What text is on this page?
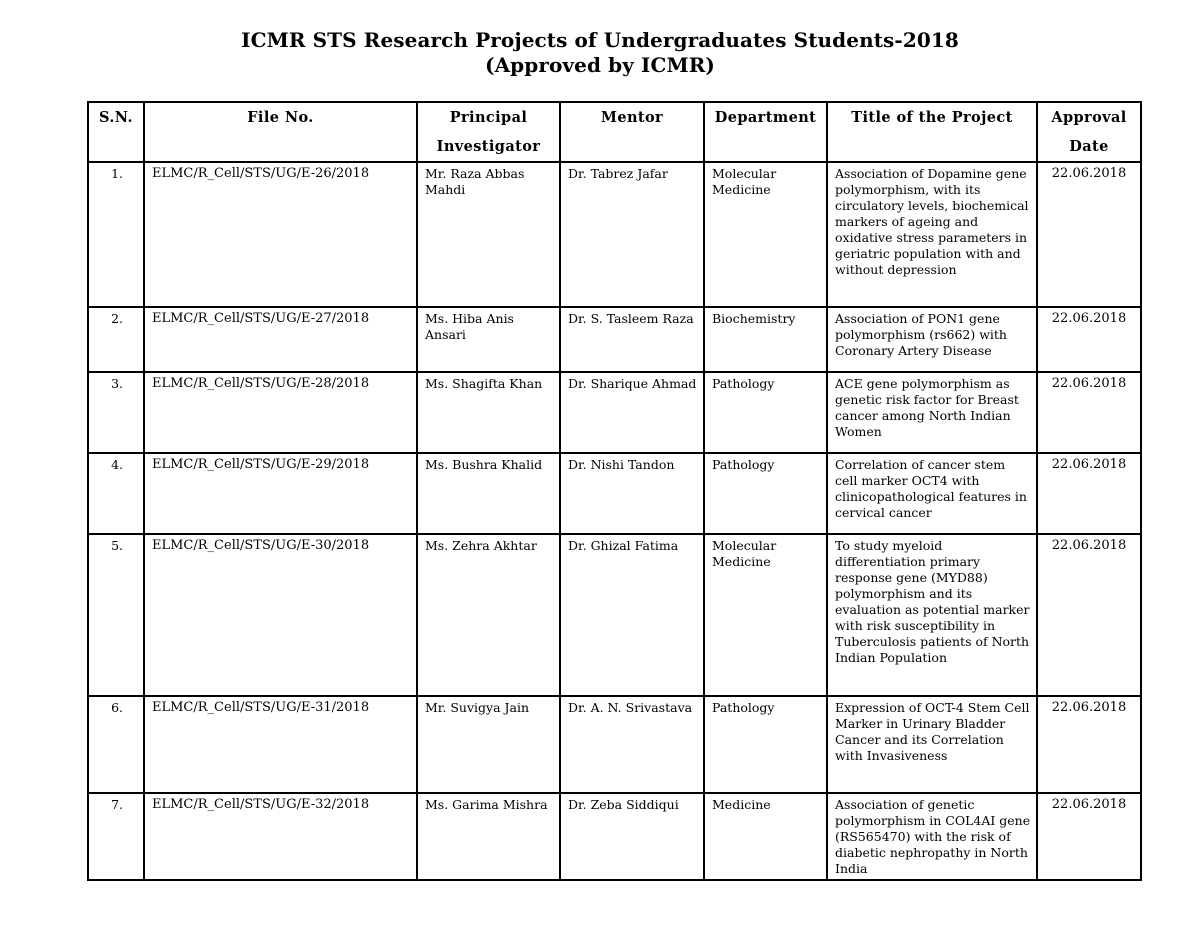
ICMR STS Research Projects of Undergraduates Students-2018
(Approved by ICMR)
S.N.	File No.	Principal Investigator	Mentor	Department	Title of the Project	Approval Date
1.	ELMC/R_Cell/STS/UG/E-26/2018	Mr. Raza Abbas Mahdi	Dr. Tabrez Jafar	Molecular Medicine	Association of Dopamine gene polymorphism, with its circulatory levels, biochemical markers of ageing and oxidative stress parameters in geriatric population with and without depression	22.06.2018
2.	ELMC/R_Cell/STS/UG/E-27/2018	Ms. Hiba Anis Ansari	Dr. S. Tasleem Raza	Biochemistry	Association of PON1 gene polymorphism (rs662) with Coronary Artery Disease	22.06.2018
3.	ELMC/R_Cell/STS/UG/E-28/2018	Ms. Shagifta Khan	Dr. Sharique Ahmad	Pathology	ACE gene polymorphism as genetic risk factor for Breast cancer among North Indian Women	22.06.2018
4.	ELMC/R_Cell/STS/UG/E-29/2018	Ms. Bushra Khalid	Dr. Nishi Tandon	Pathology	Correlation of cancer stem cell marker OCT4 with clinicopathological features in cervical cancer	22.06.2018
5.	ELMC/R_Cell/STS/UG/E-30/2018	Ms. Zehra Akhtar	Dr. Ghizal Fatima	Molecular Medicine	To study myeloid differentiation primary response gene (MYD88) polymorphism and its evaluation as potential marker with risk susceptibility in Tuberculosis patients of North Indian Population	22.06.2018
6.	ELMC/R_Cell/STS/UG/E-31/2018	Mr. Suvigya Jain	Dr. A. N. Srivastava	Pathology	Expression of OCT-4 Stem Cell Marker in Urinary Bladder Cancer and its Correlation with Invasiveness	22.06.2018
7.	ELMC/R_Cell/STS/UG/E-32/2018	Ms. Garima Mishra	Dr. Zeba Siddiqui	Medicine	Association of genetic polymorphism in COL4AI gene (RS565470) with the risk of diabetic nephropathy in North India	22.06.2018
